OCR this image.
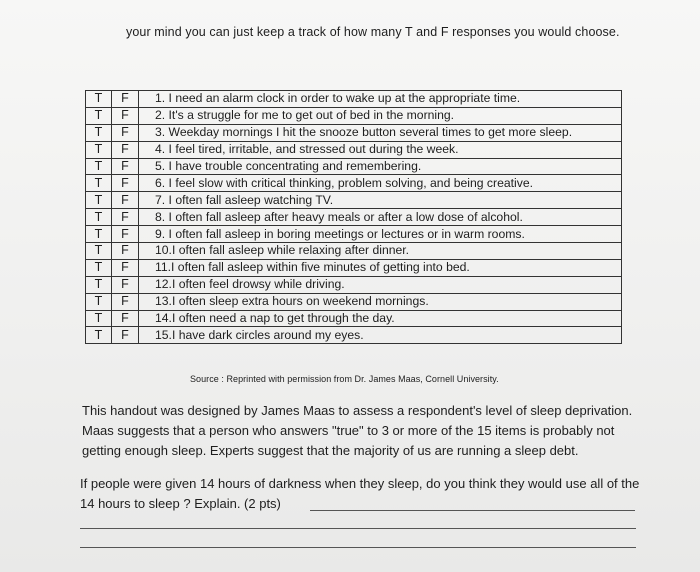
your mind you can just keep a track of how many T and F responses you would choose.
T	F	1. I need an alarm clock in order to wake up at the appropriate time.
T	F	2. It's a struggle for me to get out of bed in the morning.
T	F	3. Weekday mornings I hit the snooze button several times to get more sleep.
T	F	4. I feel tired, irritable, and stressed out during the week.
T	F	5. I have trouble concentrating and remembering.
T	F	6. I feel slow with critical thinking, problem solving, and being creative.
T	F	7. I often fall asleep watching TV.
T	F	8. I often fall asleep after heavy meals or after a low dose of alcohol.
T	F	9. I often fall asleep in boring meetings or lectures or in warm rooms.
T	F	10.I often fall asleep while relaxing after dinner.
T	F	11.I often fall asleep within five minutes of getting into bed.
T	F	12.I often feel drowsy while driving.
T	F	13.I often sleep extra hours on weekend mornings.
T	F	14.I often need a nap to get through the day.
T	F	15.I have dark circles around my eyes.
Source : Reprinted with permission from Dr. James Maas, Cornell University.
This handout was designed by James Maas to assess a respondent's level of sleep deprivation. Maas suggests that a person who answers "true" to 3 or more of the 15 items is probably not getting enough sleep. Experts suggest that the majority of us are running a sleep debt.
If people were given 14 hours of darkness when they sleep, do you think they would use all of the 14 hours to sleep ? Explain. (2 pts)
